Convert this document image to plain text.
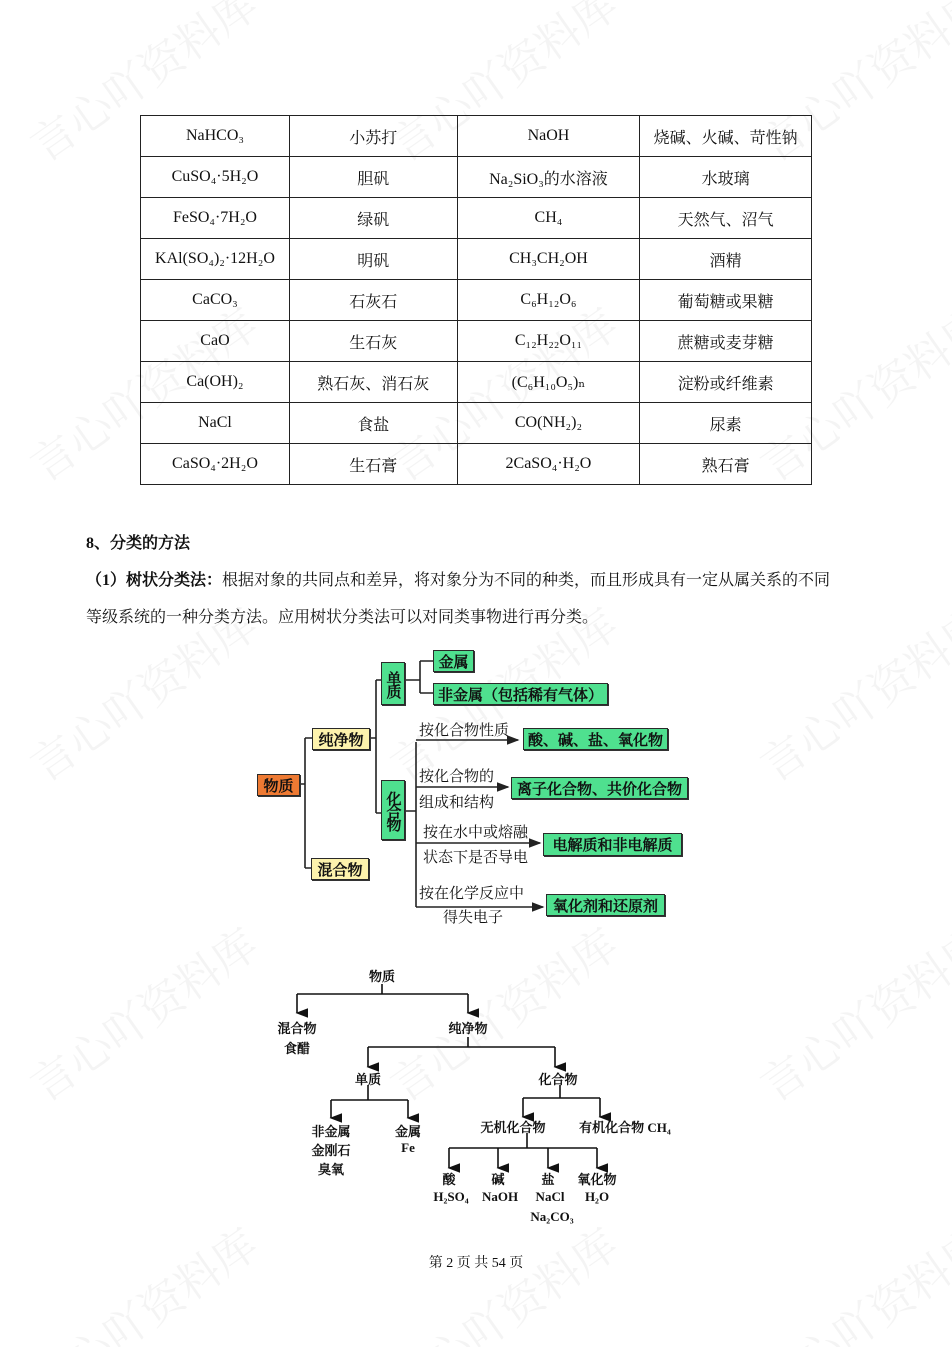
NaHCO₃	小苏打	NaOH	烧碱、火碱、苛性钠
CuSO₄·5H₂O	胆矾	Na₂SiO₃的水溶液	水玻璃
FeSO₄·7H₂O	绿矾	CH₄	天然气、沼气
KAl(SO₄)₂·12H₂O	明矾	CH₃CH₂OH	酒精
CaCO₃	石灰石	C₆H₁₂O₆	葡萄糖或果糖
CaO	生石灰	C₁₂H₂₂O₁₁	蔗糖或麦芽糖
Ca(OH)₂	熟石灰、消石灰	(C₆H₁₀O₅)ₙ	淀粉或纤维素
NaCl	食盐	CO(NH₂)₂	尿素
CaSO₄·2H₂O	生石膏	2CaSO₄·H₂O	熟石膏
8、分类的方法
（1）树状分类法：根据对象的共同点和差异，将对象分为不同的种类，而且形成具有一定从属关系的不同
等级系统的一种分类方法。应用树状分类法可以对同类事物进行再分类。
物质
纯净物
混合物
单质
化合物
金属
非金属（包括稀有气体）
按化合物性质
酸、碱、盐、氧化物
按化合物的
组成和结构
离子化合物、共价化合物
按在水中或熔融
状态下是否导电
电解质和非电解质
按在化学反应中
得失电子
氧化剂和还原剂
物质
混合物
食醋
纯净物
单质	化合物
非金属
金刚石
臭氧
金属
Fe
无机化合物	有机化合物 CH₄
酸
H₂SO₄
碱
NaOH
盐
NaCl
Na₂CO₃
氧化物
H₂O
第 2 页 共 54 页
